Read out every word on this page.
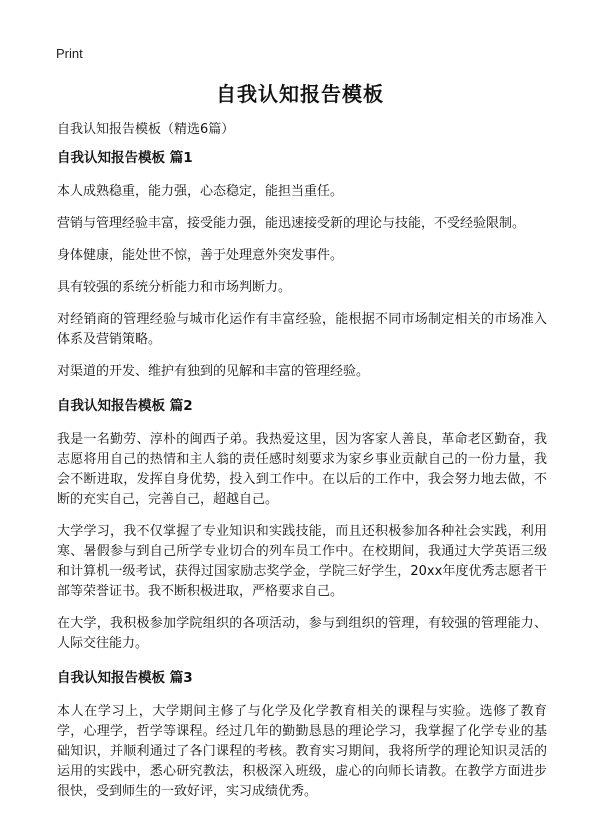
Print
自我认知报告模板
自我认知报告模板（精选6篇）
自我认知报告模板 篇1

本人成熟稳重，能力强，心态稳定，能担当重任。

营销与管理经验丰富，接受能力强，能迅速接受新的理论与技能，不受经验限制。

身体健康，能处世不惊，善于处理意外突发事件。

具有较强的系统分析能力和市场判断力。

对经销商的管理经验与城市化运作有丰富经验，能根据不同市场制定相关的市场准入体系及营销策略。

对渠道的开发、维护有独到的见解和丰富的管理经验。

自我认知报告模板 篇2

我是一名勤劳、淳朴的闽西子弟。我热爱这里，因为客家人善良，革命老区勤奋，我志愿将用自己的热情和主人翁的责任感时刻要求为家乡事业贡献自己的一份力量，我会不断进取，发挥自身优势，投入到工作中。在以后的工作中，我会努力地去做，不断的充实自己，完善自己，超越自己。

大学学习，我不仅掌握了专业知识和实践技能，而且还积极参加各种社会实践，利用寒、暑假参与到自己所学专业切合的列车员工作中。在校期间，我通过大学英语三级和计算机一级考试，获得过国家励志奖学金，学院三好学生，20xx年度优秀志愿者干部等荣誉证书。我不断积极进取，严格要求自己。

在大学，我积极参加学院组织的各项活动，参与到组织的管理，有较强的管理能力、人际交往能力。

自我认知报告模板 篇3

本人在学习上，大学期间主修了与化学及化学教育相关的课程与实验。选修了教育学，心理学，哲学等课程。经过几年的勤勤恳恳的理论学习，我掌握了化学专业的基础知识，并顺利通过了各门课程的考核。教育实习期间，我将所学的理论知识灵活的运用的实践中，悉心研究教法，积极深入班级，虚心的向师长请教。在教学方面进步很快，受到师生的一致好评，实习成绩优秀。
